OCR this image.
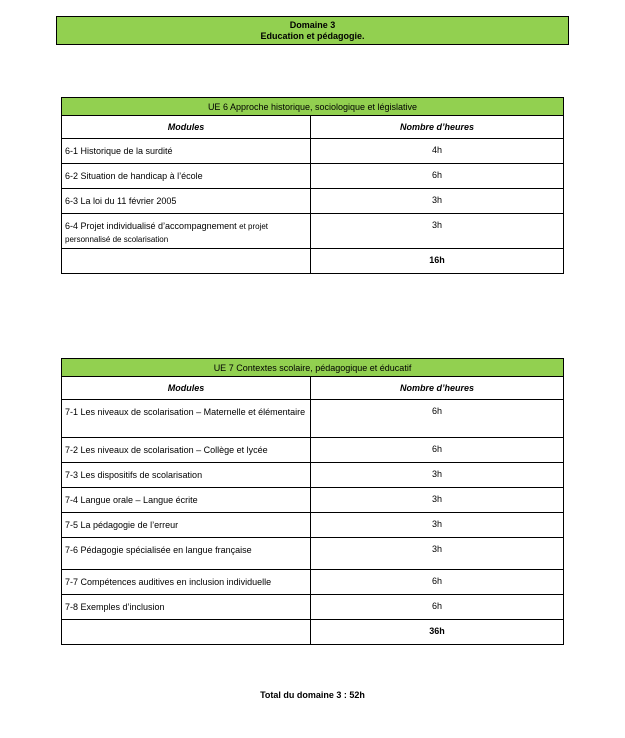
Domaine 3
Education et pédagogie.
UE 6 Approche historique, sociologique et législative	
Modules	Nombre d’heures
6-1 Historique de la surdité	4h
6-2 Situation de handicap à l’école	6h
6-3 La loi du 11 février 2005	3h
6-4 Projet individualisé d’accompagnement et projet personnalisé de scolarisation	3h
	16h
UE 7 Contextes scolaire, pédagogique et éducatif	
Modules	Nombre d’heures
7-1 Les niveaux de scolarisation – Maternelle et élémentaire	6h
7-2 Les niveaux de scolarisation – Collège et lycée	6h
7-3 Les dispositifs de scolarisation	3h
7-4 Langue orale – Langue écrite	3h
7-5 La pédagogie de l’erreur	3h
7-6 Pédagogie spécialisée en langue française	3h
7-7 Compétences auditives en inclusion individuelle	6h
7-8 Exemples d’inclusion	6h
	36h
Total du domaine 3 : 52h
